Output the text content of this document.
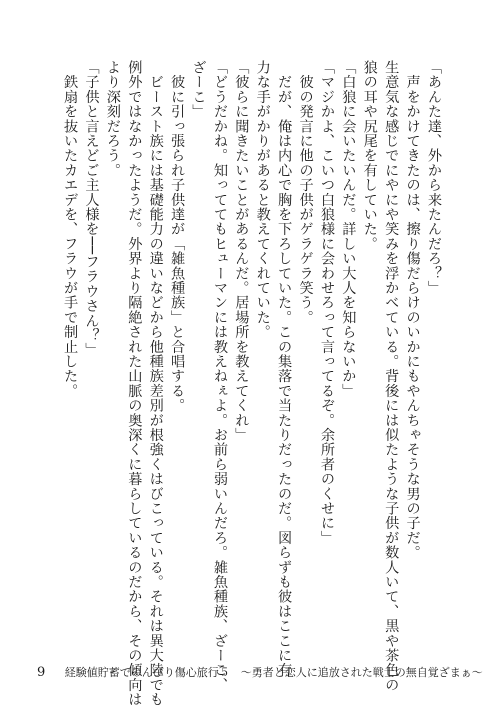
「あんた達、外から来たんだろ？」
　声をかけてきたのは、擦り傷だらけのいかにもやんちゃそうな男の子だ。
生意気な感じでにやにや笑みを浮かべている。背後には似たような子供が数人いて、黒や茶色の
狼の耳や尻尾を有していた。
「白狼に会いたいんだ。詳しい大人を知らないか」
「マジかよ、こいつ白狼様に会わせろって言ってるぞ。余所者のくせに」
　彼の発言に他の子供がゲラゲラ笑う。
　だが、俺は内心で胸を下ろしていた。この集落で当たりだったのだ。図らずも彼はここに有
力な手がかりがあると教えてくれていた。
「彼らに聞きたいことがあるんだ。居場所を教えてくれ」
「どうだかね。知っててもヒューマンには教えねぇよ。お前ら弱いんだろ。雑魚種族、ざーこ、
ざーこ」
　彼に引っ張られ子供達が「雑魚種族」と合唱する。
　ビースト族には基礎能力の違いなどから他種族差別が根強くはびこっている。それは異大陸でも
例外ではなかったようだ。外界より隔絶された山脈の奥深くに暮らしているのだから、その傾向は
より深刻だろう。
「子供と言えどご主人様を──フラウさん？」
　鉄扇を抜いたカエデを、フラウが手で制止した。
9 経験値貯蓄でのんびり傷心旅行５　～勇者と恋人に追放された戦士の無自覚ざまぁ～
